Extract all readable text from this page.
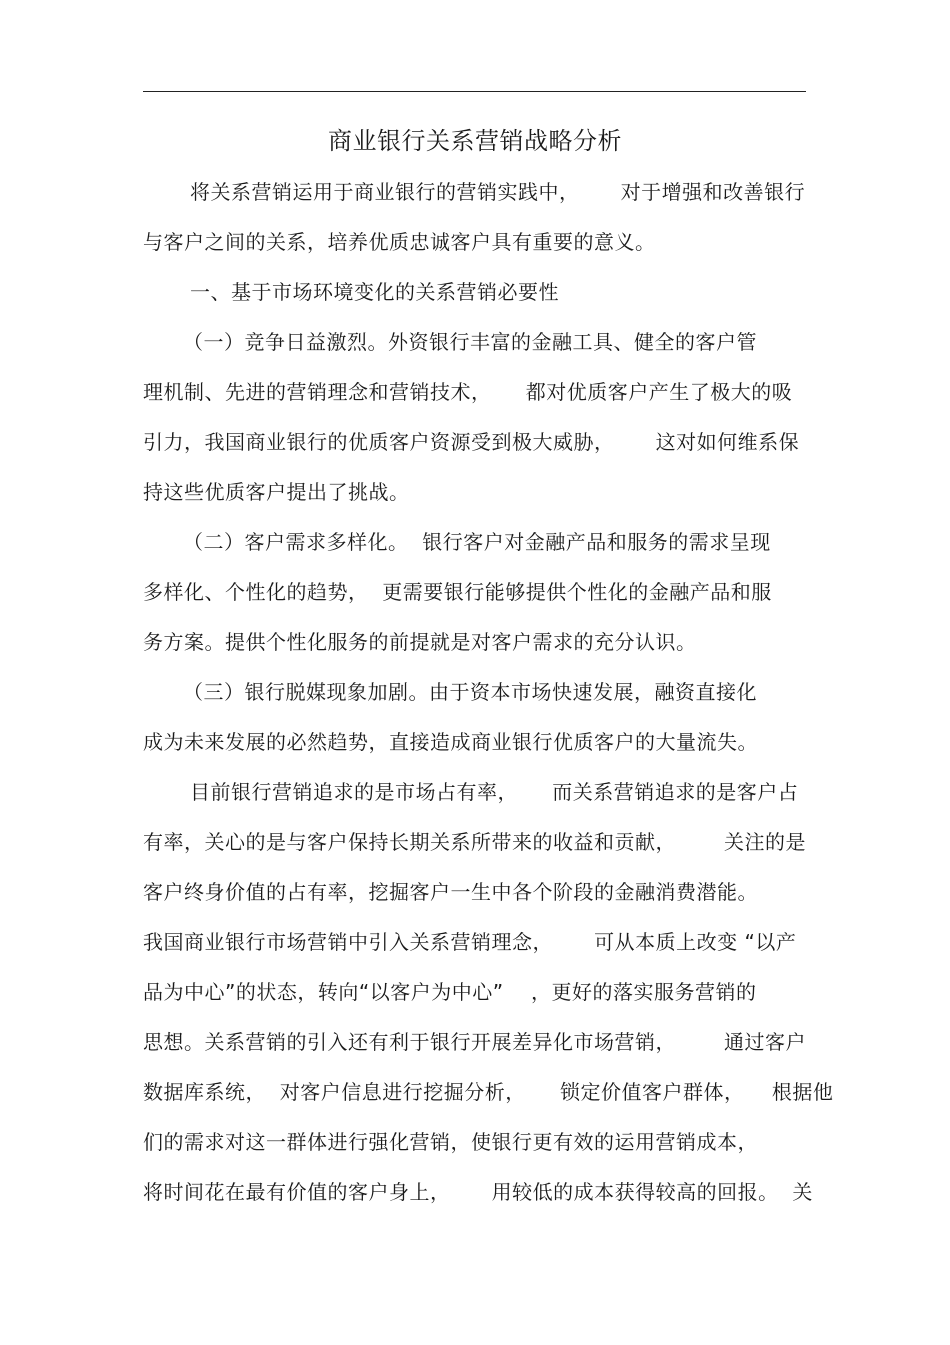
商业银行关系营销战略分析
将关系营销运用于商业银行的营销实践中，      对于增强和改善银行
与客户之间的关系，培养优质忠诚客户具有重要的意义。
一、基于市场环境变化的关系营销必要性
（一）竞争日益激烈。外资银行丰富的金融工具、健全的客户管
理机制、先进的营销理念和营销技术，     都对优质客户产生了极大的吸
引力，我国商业银行的优质客户资源受到极大威胁，      这对如何维系保
持这些优质客户提出了挑战。
（二）客户需求多样化。  银行客户对金融产品和服务的需求呈现
多样化、个性化的趋势，  更需要银行能够提供个性化的金融产品和服
务方案。提供个性化服务的前提就是对客户需求的充分认识。
（三）银行脱媒现象加剧。由于资本市场快速发展，融资直接化
成为未来发展的必然趋势，直接造成商业银行优质客户的大量流失。
目前银行营销追求的是市场占有率，     而关系营销追求的是客户占
有率，关心的是与客户保持长期关系所带来的收益和贡献，       关注的是
客户终身价值的占有率，挖掘客户一生中各个阶段的金融消费潜能。
我国商业银行市场营销中引入关系营销理念，      可从本质上改变 “以产
品为中心”的状态，转向“以客户为中心”    ，更好的落实服务营销的
思想。关系营销的引入还有利于银行开展差异化市场营销，       通过客户
数据库系统，  对客户信息进行挖掘分析，     锁定价值客户群体，    根据他
们的需求对这一群体进行强化营销，使银行更有效的运用营销成本，
将时间花在最有价值的客户身上，      用较低的成本获得较高的回报。  关
